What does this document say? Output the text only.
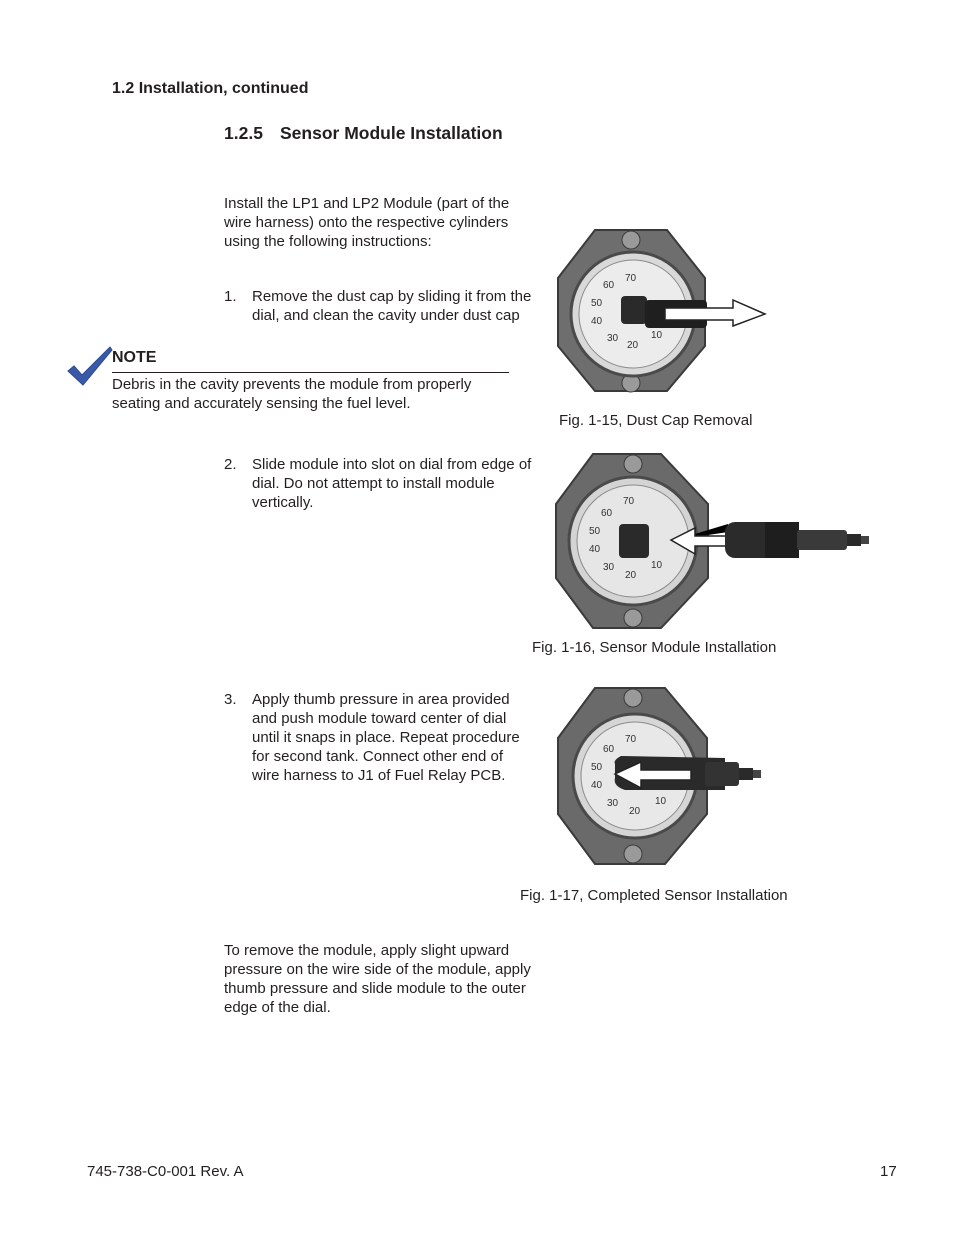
1.2 Installation, continued
1.2.5 Sensor Module Installation
Install the LP1 and LP2 Module (part of the wire harness) onto the respective cylinders using the following instructions:
1. Remove the dust cap by sliding it from the dial, and clean the cavity under dust cap
NOTE
Debris in the cavity prevents the module from properly seating and accurately sensing the fuel level.
2. Slide module into slot on dial from edge of dial. Do not attempt to install module vertically.
3. Apply thumb pressure in area provided and push module toward center of dial until it snaps in place. Repeat procedure for second tank. Connect other end of wire harness to J1 of Fuel Relay PCB.
To remove the module, apply slight upward pressure on the wire side of the module, apply thumb pressure and slide module to the outer edge of the dial.
70
60
50
40
30
20
10
Fig. 1-15, Dust Cap Removal
70
60
50
40
30
20
10
Fig. 1-16, Sensor Module Installation
70
60
50
40
30
20
10
Fig. 1-17, Completed Sensor Installation
745-738-C0-001 Rev. A	17
